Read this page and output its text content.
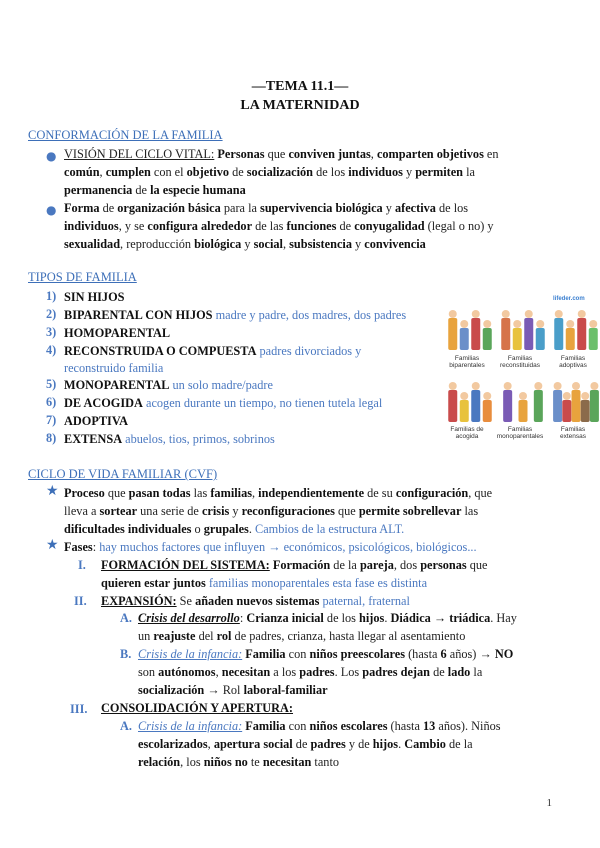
—TEMA 11.1—
LA MATERNIDAD
CONFORMACIÓN DE LA FAMILIA
● VISIÓN DEL CICLO VITAL: Personas que conviven juntas, comparten objetivos en
común, cumplen con el objetivo de socialización de los individuos y permiten la
permanencia de la especie humana
● Forma de organización básica para la supervivencia biológica y afectiva de los
individuos, y se configura alrededor de las funciones de conyugalidad (legal o no) y
sexualidad, reproducción biológica y social, subsistencia y convivencia
TIPOS DE FAMILIA
1) SIN HIJOS
2) BIPARENTAL CON HIJOS madre y padre, dos madres, dos padres
3) HOMOPARENTAL
4) RECONSTRUIDA O COMPUESTA padres divorciados y
reconstruido familia
5) MONOPARENTAL un solo madre/padre
6) DE ACOGIDA acogen durante un tiempo, no tienen tutela legal
7) ADOPTIVA
8) EXTENSA abuelos, tios, primos, sobrinos
lifeder.com
Familias biparentales
Familias reconstituidas
Familias adoptivas
Familias de acogida
Familias monoparentales
Familias extensas
CICLO DE VIDA FAMILIAR (CVF)
★ Proceso que pasan todas las familias, independientemente de su configuración, que
lleva a sortear una serie de crisis y reconfiguraciones que permite sobrellevar las
dificultades individuales o grupales. Cambios de la estructura ALT.
★ Fases: hay muchos factores que influyen → económicos, psicológicos, biológicos...
I. FORMACIÓN DEL SISTEMA: Formación de la pareja, dos personas que
quieren estar juntos familias monoparentales esta fase es distinta
II. EXPANSIÓN: Se añaden nuevos sistemas paternal, fraternal
A. Crisis del desarrollo: Crianza inicial de los hijos. Diádica → triádica. Hay
un reajuste del rol de padres, crianza, hasta llegar al asentamiento
B. Crisis de la infancia: Familia con niños preescolares (hasta 6 años) → NO
son autónomos, necesitan a los padres. Los padres dejan de lado la
socialización → Rol laboral-familiar
III. CONSOLIDACIÓN Y APERTURA:
A. Crisis de la infancia: Familia con niños escolares (hasta 13 años). Niños
escolarizados, apertura social de padres y de hijos. Cambio de la
relación, los niños no te necesitan tanto
1
